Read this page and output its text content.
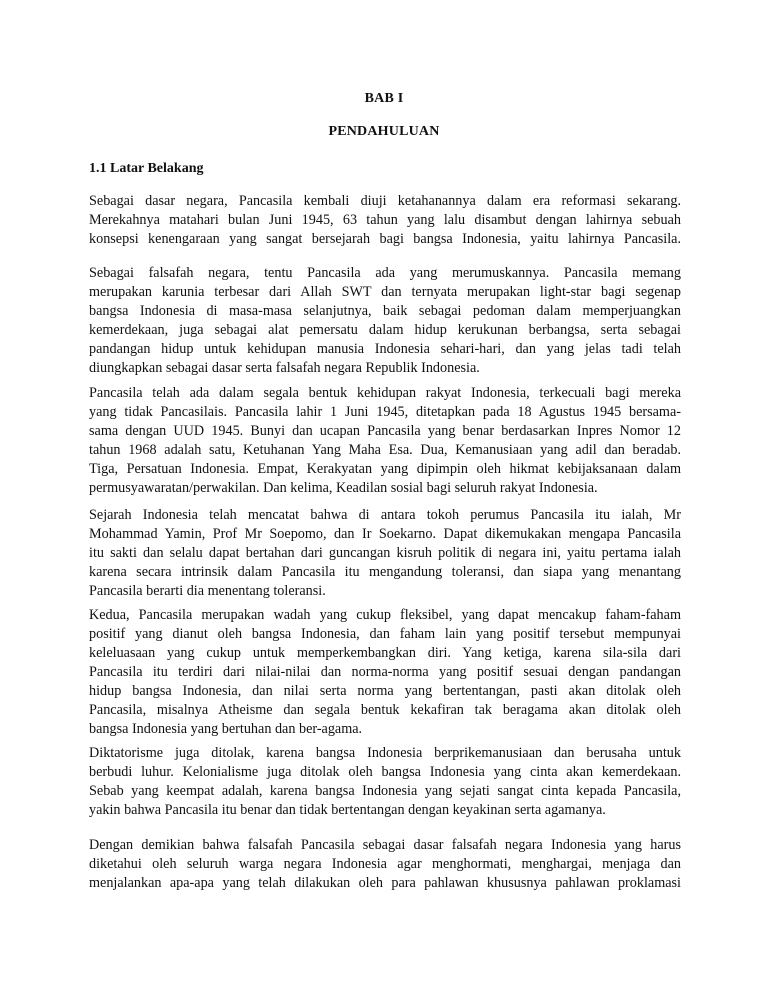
BAB I
PENDAHULUAN
1.1 Latar Belakang
Sebagai dasar negara, Pancasila kembali diuji ketahanannya dalam era reformasi sekarang.
Merekahnya matahari bulan Juni 1945, 63 tahun yang lalu disambut dengan lahirnya sebuah
konsepsi kenengaraan yang sangat bersejarah bagi bangsa Indonesia, yaitu lahirnya Pancasila.
Sebagai falsafah negara, tentu Pancasila ada yang merumuskannya. Pancasila memang
merupakan karunia terbesar dari Allah SWT dan ternyata merupakan light-star bagi segenap
bangsa Indonesia di masa-masa selanjutnya, baik sebagai pedoman dalam memperjuangkan
kemerdekaan, juga sebagai alat pemersatu dalam hidup kerukunan berbangsa, serta sebagai
pandangan hidup untuk kehidupan manusia Indonesia sehari-hari, dan yang jelas tadi telah
diungkapkan sebagai dasar serta falsafah negara Republik Indonesia.
Pancasila telah ada dalam segala bentuk kehidupan rakyat Indonesia, terkecuali bagi mereka
yang tidak Pancasilais. Pancasila lahir 1 Juni 1945, ditetapkan pada 18 Agustus 1945 bersama-
sama dengan UUD 1945. Bunyi dan ucapan Pancasila yang benar berdasarkan Inpres Nomor 12
tahun 1968 adalah satu, Ketuhanan Yang Maha Esa. Dua, Kemanusiaan yang adil dan beradab.
Tiga, Persatuan Indonesia. Empat, Kerakyatan yang dipimpin oleh hikmat kebijaksanaan dalam
permusyawaratan/perwakilan. Dan kelima, Keadilan sosial bagi seluruh rakyat Indonesia.
Sejarah Indonesia telah mencatat bahwa di antara tokoh perumus Pancasila itu ialah, Mr
Mohammad Yamin, Prof Mr Soepomo, dan Ir Soekarno. Dapat dikemukakan mengapa Pancasila
itu sakti dan selalu dapat bertahan dari guncangan kisruh politik di negara ini, yaitu pertama ialah
karena secara intrinsik dalam Pancasila itu mengandung toleransi, dan siapa yang menantang
Pancasila berarti dia menentang toleransi.
Kedua, Pancasila merupakan wadah yang cukup fleksibel, yang dapat mencakup faham-faham
positif yang dianut oleh bangsa Indonesia, dan faham lain yang positif tersebut mempunyai
keleluasaan yang cukup untuk memperkembangkan diri. Yang ketiga, karena sila-sila dari
Pancasila itu terdiri dari nilai-nilai dan norma-norma yang positif sesuai dengan pandangan
hidup bangsa Indonesia, dan nilai serta norma yang bertentangan, pasti akan ditolak oleh
Pancasila, misalnya Atheisme dan segala bentuk kekafiran tak beragama akan ditolak oleh
bangsa Indonesia yang bertuhan dan ber-agama.
Diktatorisme juga ditolak, karena bangsa Indonesia berprikemanusiaan dan berusaha untuk
berbudi luhur. Kelonialisme juga ditolak oleh bangsa Indonesia yang cinta akan kemerdekaan.
Sebab yang keempat adalah, karena bangsa Indonesia yang sejati sangat cinta kepada Pancasila,
yakin bahwa Pancasila itu benar dan tidak bertentangan dengan keyakinan serta agamanya.
Dengan demikian bahwa falsafah Pancasila sebagai dasar falsafah negara Indonesia yang harus
diketahui oleh seluruh warga negara Indonesia agar menghormati, menghargai, menjaga dan
menjalankan apa-apa yang telah dilakukan oleh para pahlawan khususnya pahlawan proklamasi
